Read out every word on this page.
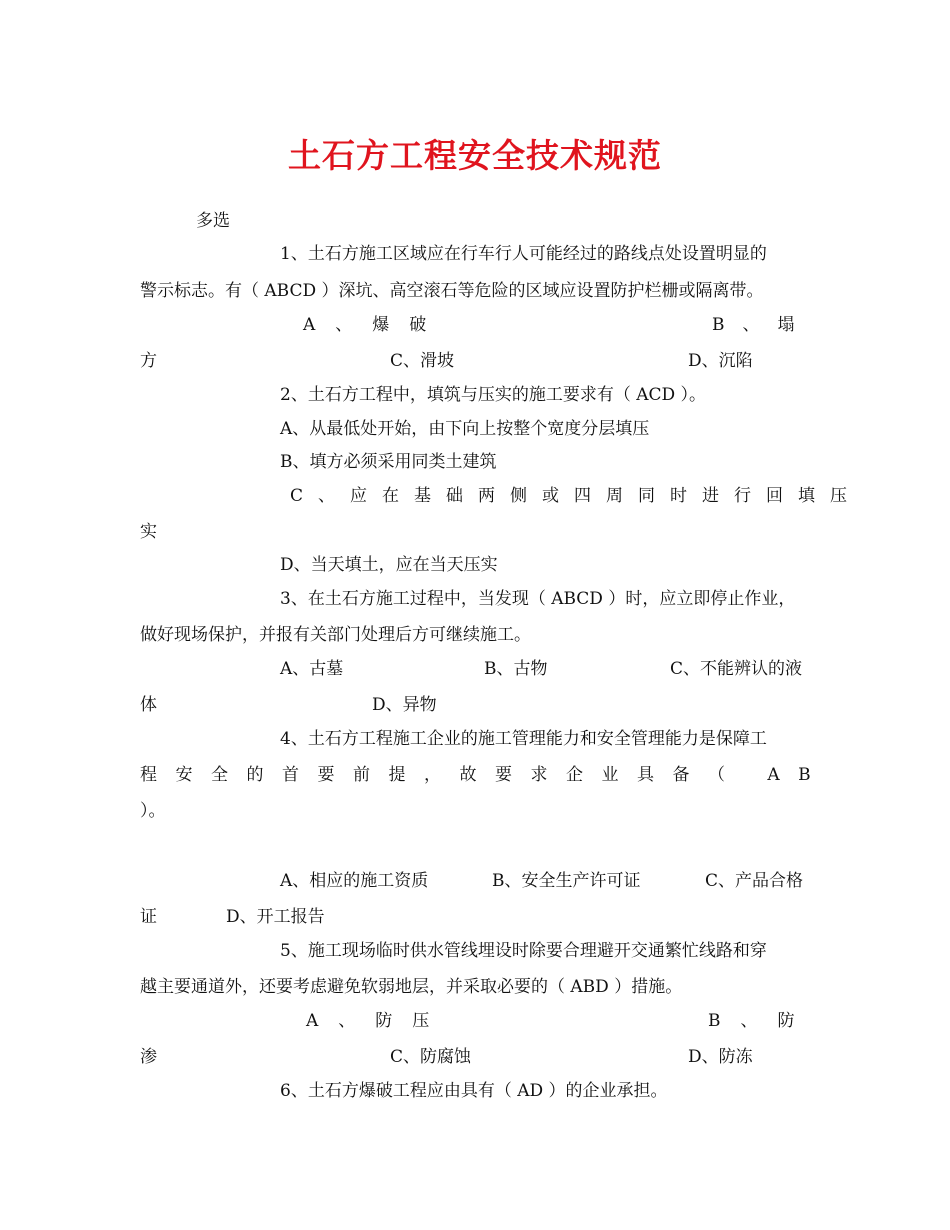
土石方工程安全技术规范
多选
1、土石方施工区域应在行车行人可能经过的路线点处设置明显的
警示标志。有（ ABCD ）深坑、高空滚石等危险的区域应设置防护栏栅或隔离带。
A、爆破	B、塌
方	C、滑坡	D、沉陷
2、土石方工程中，填筑与压实的施工要求有（ ACD ）。
A、从最低处开始，由下向上按整个宽度分层填压
B、填方必须采用同类土建筑
C、应在基础两侧或四周同时进行回填压
实
D、当天填土，应在当天压实
3、在土石方施工过程中，当发现（ ABCD ）时，应立即停止作业，
做好现场保护，并报有关部门处理后方可继续施工。
A、古墓	B、古物	C、不能辨认的液
体	D、异物
4、土石方工程施工企业的施工管理能力和安全管理能力是保障工
程安全的首要前提，故要求企业具备（ AB
）。
A、相应的施工资质	B、安全生产许可证	C、产品合格
证	D、开工报告
5、施工现场临时供水管线埋设时除要合理避开交通繁忙线路和穿
越主要通道外，还要考虑避免软弱地层，并采取必要的（ ABD ）措施。
A、防压	B、防
渗	C、防腐蚀	D、防冻
6、土石方爆破工程应由具有（ AD ）的企业承担。
